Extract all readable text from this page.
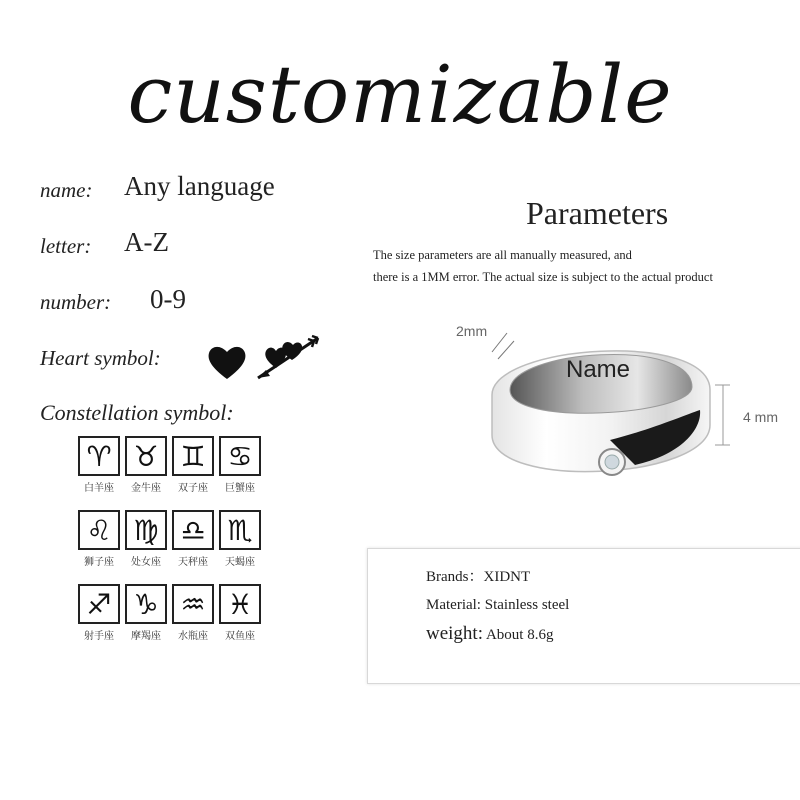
customizable
name: Any language
letter: A-Z
number: 0-9
Heart symbol:
Constellation symbol:
♈
白羊座
♉
金牛座
♊
双子座
♋
巨蟹座
♌
狮子座
♍
处女座
♎
天秤座
♏
天蝎座
♐
射手座
♑
摩羯座
♒
水瓶座
♓
双鱼座
Parameters
The size parameters are all manually measured, and
there is a 1MM error. The actual size is subject to the actual product
2mm
4 mm
Name
Brands：XIDNT
Material: Stainless steel
weight: About 8.6g
